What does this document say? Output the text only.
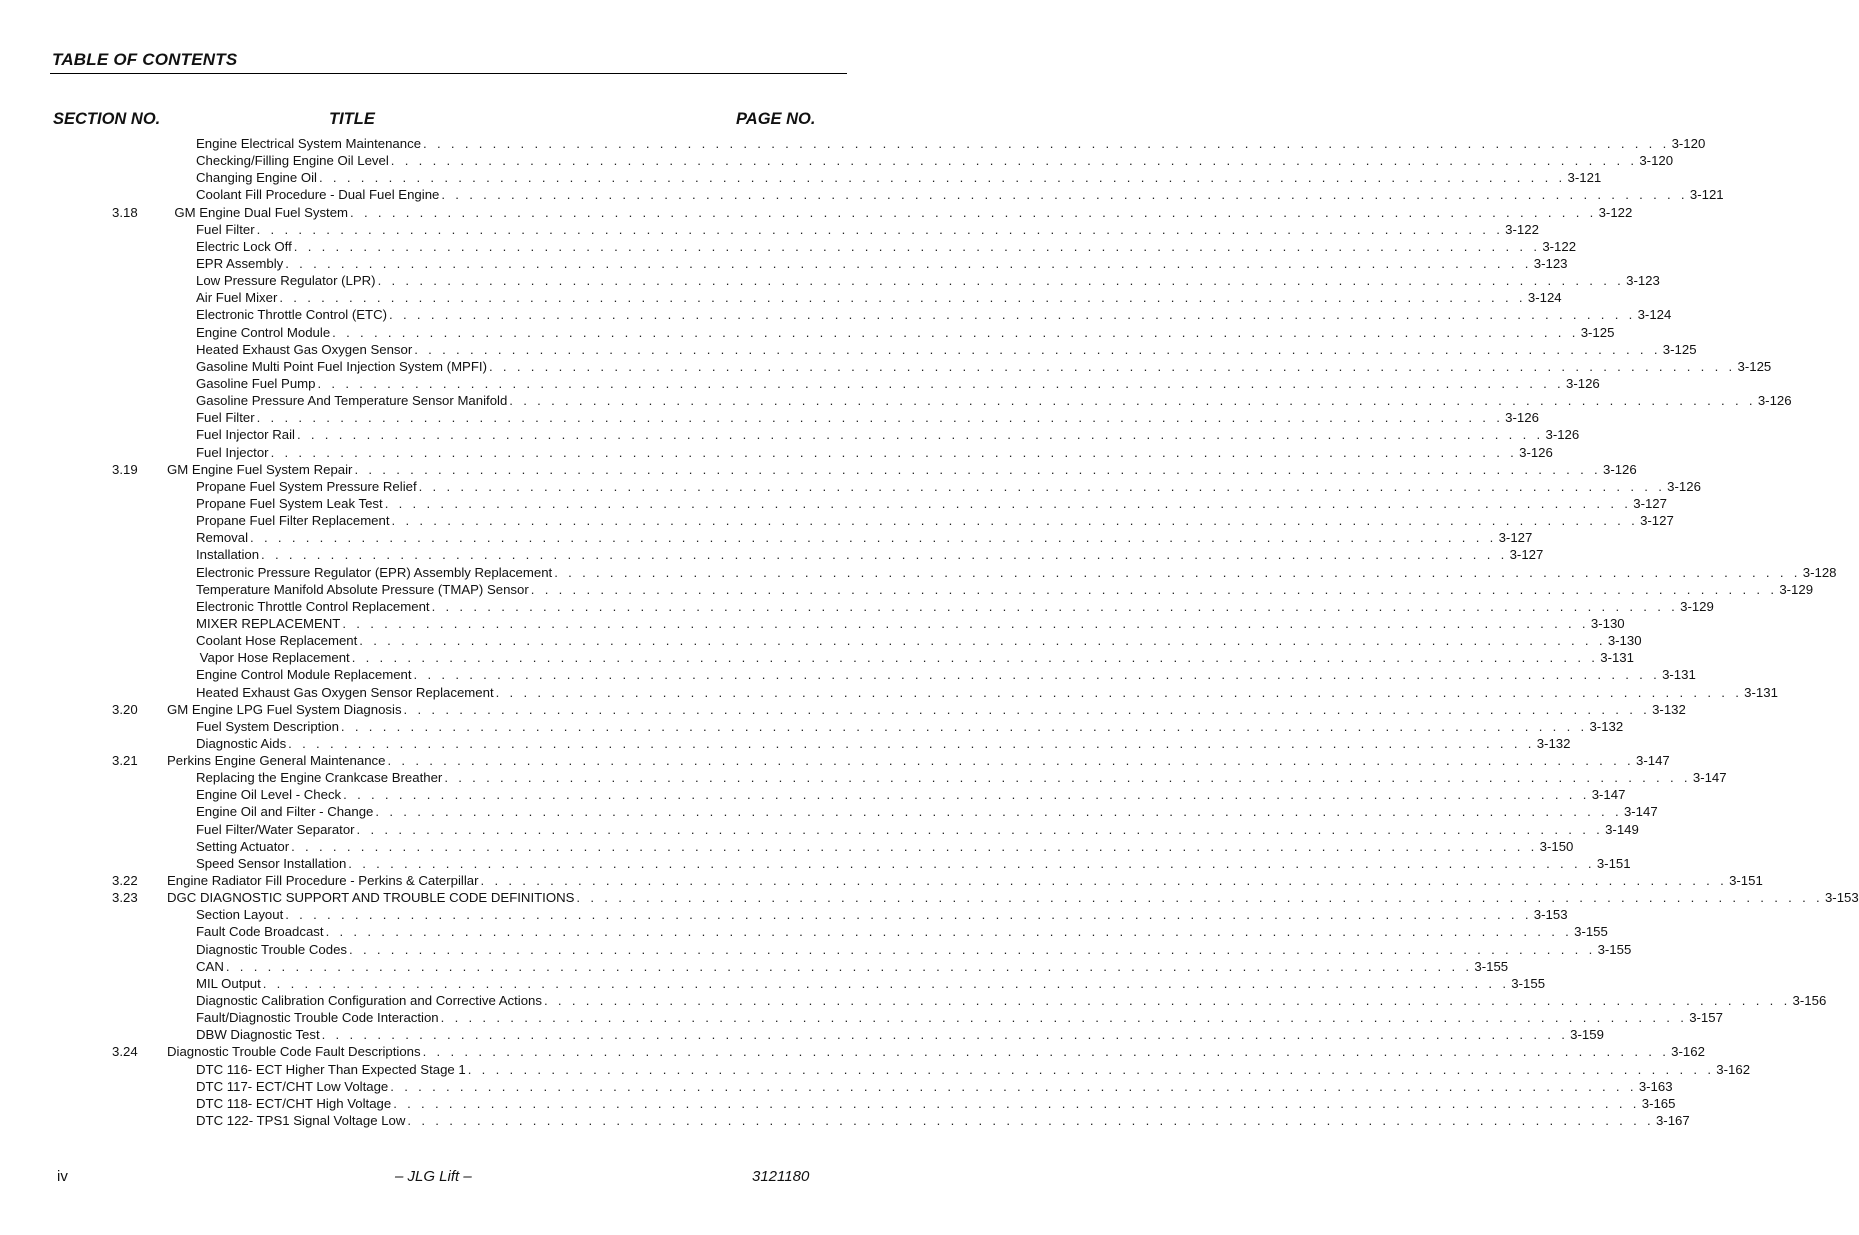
TABLE OF CONTENTS
SECTION NO.	TITLE	PAGE NO.
Engine Electrical System Maintenance . . . . . . . . . . . . . . . . . . . . . . . . . . . . . . . . . . . . . . . . . . . . . . . . . . . . . . . . . . . . . . . . . . . . . . . . . . . . . . . . . . . . . . . . . . 3-120
Checking/Filling Engine Oil Level . . . . . . . . . . . . . . . . . . . . . . . . . . . . . . . . . . . . . . . . . . . . . . . . . . . . . . . . . . . . . . . . . . . . . . . . . . . . . . . . . . . . . . . . . . 3-120
Changing Engine Oil . . . . . . . . . . . . . . . . . . . . . . . . . . . . . . . . . . . . . . . . . . . . . . . . . . . . . . . . . . . . . . . . . . . . . . . . . . . . . . . . . . . . . . . . . . 3-121
Coolant Fill Procedure - Dual Fuel Engine . . . . . . . . . . . . . . . . . . . . . . . . . . . . . . . . . . . . . . . . . . . . . . . . . . . . . . . . . . . . . . . . . . . . . . . . . . . . . . . . . . . . . . . . . . 3-121
3.18 GM Engine Dual Fuel System . . . . . . . . . . . . . . . . . . . . . . . . . . . . . . . . . . . . . . . . . . . . . . . . . . . . . . . . . . . . . . . . . . . . . . . . . . . . . . . . . . . . . . . . . . 3-122
Fuel Filter . . . . . . . . . . . . . . . . . . . . . . . . . . . . . . . . . . . . . . . . . . . . . . . . . . . . . . . . . . . . . . . . . . . . . . . . . . . . . . . . . . . . . . . . . . 3-122
Electric Lock Off . . . . . . . . . . . . . . . . . . . . . . . . . . . . . . . . . . . . . . . . . . . . . . . . . . . . . . . . . . . . . . . . . . . . . . . . . . . . . . . . . . . . . . . . . . 3-122
EPR Assembly . . . . . . . . . . . . . . . . . . . . . . . . . . . . . . . . . . . . . . . . . . . . . . . . . . . . . . . . . . . . . . . . . . . . . . . . . . . . . . . . . . . . . . . . . . 3-123
Low Pressure Regulator (LPR) . . . . . . . . . . . . . . . . . . . . . . . . . . . . . . . . . . . . . . . . . . . . . . . . . . . . . . . . . . . . . . . . . . . . . . . . . . . . . . . . . . . . . . . . . . 3-123
Air Fuel Mixer . . . . . . . . . . . . . . . . . . . . . . . . . . . . . . . . . . . . . . . . . . . . . . . . . . . . . . . . . . . . . . . . . . . . . . . . . . . . . . . . . . . . . . . . . . 3-124
Electronic Throttle Control (ETC) . . . . . . . . . . . . . . . . . . . . . . . . . . . . . . . . . . . . . . . . . . . . . . . . . . . . . . . . . . . . . . . . . . . . . . . . . . . . . . . . . . . . . . . . . . 3-124
Engine Control Module . . . . . . . . . . . . . . . . . . . . . . . . . . . . . . . . . . . . . . . . . . . . . . . . . . . . . . . . . . . . . . . . . . . . . . . . . . . . . . . . . . . . . . . . . . 3-125
Heated Exhaust Gas Oxygen Sensor . . . . . . . . . . . . . . . . . . . . . . . . . . . . . . . . . . . . . . . . . . . . . . . . . . . . . . . . . . . . . . . . . . . . . . . . . . . . . . . . . . . . . . . . . . 3-125
Gasoline Multi Point Fuel Injection System (MPFI) . . . . . . . . . . . . . . . . . . . . . . . . . . . . . . . . . . . . . . . . . . . . . . . . . . . . . . . . . . . . . . . . . . . . . . . . . . . . . . . . . . . . . . . . . . 3-125
Gasoline Fuel Pump . . . . . . . . . . . . . . . . . . . . . . . . . . . . . . . . . . . . . . . . . . . . . . . . . . . . . . . . . . . . . . . . . . . . . . . . . . . . . . . . . . . . . . . . . . 3-126
Gasoline Pressure And Temperature Sensor Manifold . . . . . . . . . . . . . . . . . . . . . . . . . . . . . . . . . . . . . . . . . . . . . . . . . . . . . . . . . . . . . . . . . . . . . . . . . . . . . . . . . . . . . . . . . . 3-126
Fuel Filter . . . . . . . . . . . . . . . . . . . . . . . . . . . . . . . . . . . . . . . . . . . . . . . . . . . . . . . . . . . . . . . . . . . . . . . . . . . . . . . . . . . . . . . . . . 3-126
Fuel Injector Rail . . . . . . . . . . . . . . . . . . . . . . . . . . . . . . . . . . . . . . . . . . . . . . . . . . . . . . . . . . . . . . . . . . . . . . . . . . . . . . . . . . . . . . . . . . 3-126
Fuel Injector . . . . . . . . . . . . . . . . . . . . . . . . . . . . . . . . . . . . . . . . . . . . . . . . . . . . . . . . . . . . . . . . . . . . . . . . . . . . . . . . . . . . . . . . . . 3-126
3.19 GM Engine Fuel System Repair . . . . . . . . . . . . . . . . . . . . . . . . . . . . . . . . . . . . . . . . . . . . . . . . . . . . . . . . . . . . . . . . . . . . . . . . . . . . . . . . . . . . . . . . . . 3-126
Propane Fuel System Pressure Relief . . . . . . . . . . . . . . . . . . . . . . . . . . . . . . . . . . . . . . . . . . . . . . . . . . . . . . . . . . . . . . . . . . . . . . . . . . . . . . . . . . . . . . . . . . 3-126
Propane Fuel System Leak Test . . . . . . . . . . . . . . . . . . . . . . . . . . . . . . . . . . . . . . . . . . . . . . . . . . . . . . . . . . . . . . . . . . . . . . . . . . . . . . . . . . . . . . . . . . 3-127
Propane Fuel Filter Replacement . . . . . . . . . . . . . . . . . . . . . . . . . . . . . . . . . . . . . . . . . . . . . . . . . . . . . . . . . . . . . . . . . . . . . . . . . . . . . . . . . . . . . . . . . . 3-127
Removal . . . . . . . . . . . . . . . . . . . . . . . . . . . . . . . . . . . . . . . . . . . . . . . . . . . . . . . . . . . . . . . . . . . . . . . . . . . . . . . . . . . . . . . . . . 3-127
Installation . . . . . . . . . . . . . . . . . . . . . . . . . . . . . . . . . . . . . . . . . . . . . . . . . . . . . . . . . . . . . . . . . . . . . . . . . . . . . . . . . . . . . . . . . . 3-127
Electronic Pressure Regulator (EPR) Assembly Replacement . . . . . . . . . . . . . . . . . . . . . . . . . . . . . . . . . . . . . . . . . . . . . . . . . . . . . . . . . . . . . . . . . . . . . . . . . . . . . . . . . . . . . . . . . . 3-128
Temperature Manifold Absolute Pressure (TMAP) Sensor . . . . . . . . . . . . . . . . . . . . . . . . . . . . . . . . . . . . . . . . . . . . . . . . . . . . . . . . . . . . . . . . . . . . . . . . . . . . . . . . . . . . . . . . . . 3-129
Electronic Throttle Control Replacement . . . . . . . . . . . . . . . . . . . . . . . . . . . . . . . . . . . . . . . . . . . . . . . . . . . . . . . . . . . . . . . . . . . . . . . . . . . . . . . . . . . . . . . . . . 3-129
MIXER REPLACEMENT . . . . . . . . . . . . . . . . . . . . . . . . . . . . . . . . . . . . . . . . . . . . . . . . . . . . . . . . . . . . . . . . . . . . . . . . . . . . . . . . . . . . . . . . . . 3-130
Coolant Hose Replacement . . . . . . . . . . . . . . . . . . . . . . . . . . . . . . . . . . . . . . . . . . . . . . . . . . . . . . . . . . . . . . . . . . . . . . . . . . . . . . . . . . . . . . . . . . 3-130
Vapor Hose Replacement . . . . . . . . . . . . . . . . . . . . . . . . . . . . . . . . . . . . . . . . . . . . . . . . . . . . . . . . . . . . . . . . . . . . . . . . . . . . . . . . . . . . . . . . . . 3-131
Engine Control Module Replacement . . . . . . . . . . . . . . . . . . . . . . . . . . . . . . . . . . . . . . . . . . . . . . . . . . . . . . . . . . . . . . . . . . . . . . . . . . . . . . . . . . . . . . . . . . 3-131
Heated Exhaust Gas Oxygen Sensor Replacement . . . . . . . . . . . . . . . . . . . . . . . . . . . . . . . . . . . . . . . . . . . . . . . . . . . . . . . . . . . . . . . . . . . . . . . . . . . . . . . . . . . . . . . . . . 3-131
3.20 GM Engine LPG Fuel System Diagnosis . . . . . . . . . . . . . . . . . . . . . . . . . . . . . . . . . . . . . . . . . . . . . . . . . . . . . . . . . . . . . . . . . . . . . . . . . . . . . . . . . . . . . . . . . . 3-132
Fuel System Description . . . . . . . . . . . . . . . . . . . . . . . . . . . . . . . . . . . . . . . . . . . . . . . . . . . . . . . . . . . . . . . . . . . . . . . . . . . . . . . . . . . . . . . . . . 3-132
Diagnostic Aids . . . . . . . . . . . . . . . . . . . . . . . . . . . . . . . . . . . . . . . . . . . . . . . . . . . . . . . . . . . . . . . . . . . . . . . . . . . . . . . . . . . . . . . . . . 3-132
3.21 Perkins Engine General Maintenance . . . . . . . . . . . . . . . . . . . . . . . . . . . . . . . . . . . . . . . . . . . . . . . . . . . . . . . . . . . . . . . . . . . . . . . . . . . . . . . . . . . . . . . . . . 3-147
Replacing the Engine Crankcase Breather . . . . . . . . . . . . . . . . . . . . . . . . . . . . . . . . . . . . . . . . . . . . . . . . . . . . . . . . . . . . . . . . . . . . . . . . . . . . . . . . . . . . . . . . . . 3-147
Engine Oil Level - Check . . . . . . . . . . . . . . . . . . . . . . . . . . . . . . . . . . . . . . . . . . . . . . . . . . . . . . . . . . . . . . . . . . . . . . . . . . . . . . . . . . . . . . . . . . 3-147
Engine Oil and Filter - Change . . . . . . . . . . . . . . . . . . . . . . . . . . . . . . . . . . . . . . . . . . . . . . . . . . . . . . . . . . . . . . . . . . . . . . . . . . . . . . . . . . . . . . . . . . 3-147
Fuel Filter/Water Separator . . . . . . . . . . . . . . . . . . . . . . . . . . . . . . . . . . . . . . . . . . . . . . . . . . . . . . . . . . . . . . . . . . . . . . . . . . . . . . . . . . . . . . . . . . 3-149
Setting Actuator . . . . . . . . . . . . . . . . . . . . . . . . . . . . . . . . . . . . . . . . . . . . . . . . . . . . . . . . . . . . . . . . . . . . . . . . . . . . . . . . . . . . . . . . . . 3-150
Speed Sensor Installation . . . . . . . . . . . . . . . . . . . . . . . . . . . . . . . . . . . . . . . . . . . . . . . . . . . . . . . . . . . . . . . . . . . . . . . . . . . . . . . . . . . . . . . . . . 3-151
3.22 Engine Radiator Fill Procedure - Perkins & Caterpillar . . . . . . . . . . . . . . . . . . . . . . . . . . . . . . . . . . . . . . . . . . . . . . . . . . . . . . . . . . . . . . . . . . . . . . . . . . . . . . . . . . . . . . . . . . 3-151
3.23 DGC DIAGNOSTIC SUPPORT AND TROUBLE CODE DEFINITIONS . . . . . . . . . . . . . . . . . . . . . . . . . . . . . . . . . . . . . . . . . . . . . . . . . . . . . . . . . . . . . . . . . . . . . . . . . . . . . . . . . . . . . . . . . . 3-153
Section Layout . . . . . . . . . . . . . . . . . . . . . . . . . . . . . . . . . . . . . . . . . . . . . . . . . . . . . . . . . . . . . . . . . . . . . . . . . . . . . . . . . . . . . . . . . . 3-153
Fault Code Broadcast . . . . . . . . . . . . . . . . . . . . . . . . . . . . . . . . . . . . . . . . . . . . . . . . . . . . . . . . . . . . . . . . . . . . . . . . . . . . . . . . . . . . . . . . . . 3-155
Diagnostic Trouble Codes . . . . . . . . . . . . . . . . . . . . . . . . . . . . . . . . . . . . . . . . . . . . . . . . . . . . . . . . . . . . . . . . . . . . . . . . . . . . . . . . . . . . . . . . . . 3-155
CAN . . . . . . . . . . . . . . . . . . . . . . . . . . . . . . . . . . . . . . . . . . . . . . . . . . . . . . . . . . . . . . . . . . . . . . . . . . . . . . . . . . . . . . . . . . 3-155
MIL Output . . . . . . . . . . . . . . . . . . . . . . . . . . . . . . . . . . . . . . . . . . . . . . . . . . . . . . . . . . . . . . . . . . . . . . . . . . . . . . . . . . . . . . . . . . 3-155
Diagnostic Calibration Configuration and Corrective Actions . . . . . . . . . . . . . . . . . . . . . . . . . . . . . . . . . . . . . . . . . . . . . . . . . . . . . . . . . . . . . . . . . . . . . . . . . . . . . . . . . . . . . . . . . . 3-156
Fault/Diagnostic Trouble Code Interaction . . . . . . . . . . . . . . . . . . . . . . . . . . . . . . . . . . . . . . . . . . . . . . . . . . . . . . . . . . . . . . . . . . . . . . . . . . . . . . . . . . . . . . . . . . 3-157
DBW Diagnostic Test . . . . . . . . . . . . . . . . . . . . . . . . . . . . . . . . . . . . . . . . . . . . . . . . . . . . . . . . . . . . . . . . . . . . . . . . . . . . . . . . . . . . . . . . . . 3-159
3.24 Diagnostic Trouble Code Fault Descriptions . . . . . . . . . . . . . . . . . . . . . . . . . . . . . . . . . . . . . . . . . . . . . . . . . . . . . . . . . . . . . . . . . . . . . . . . . . . . . . . . . . . . . . . . . . 3-162
DTC 116- ECT Higher Than Expected Stage 1 . . . . . . . . . . . . . . . . . . . . . . . . . . . . . . . . . . . . . . . . . . . . . . . . . . . . . . . . . . . . . . . . . . . . . . . . . . . . . . . . . . . . . . . . . . 3-162
DTC 117- ECT/CHT Low Voltage . . . . . . . . . . . . . . . . . . . . . . . . . . . . . . . . . . . . . . . . . . . . . . . . . . . . . . . . . . . . . . . . . . . . . . . . . . . . . . . . . . . . . . . . . . 3-163
DTC 118- ECT/CHT High Voltage . . . . . . . . . . . . . . . . . . . . . . . . . . . . . . . . . . . . . . . . . . . . . . . . . . . . . . . . . . . . . . . . . . . . . . . . . . . . . . . . . . . . . . . . . . 3-165
DTC 122- TPS1 Signal Voltage Low . . . . . . . . . . . . . . . . . . . . . . . . . . . . . . . . . . . . . . . . . . . . . . . . . . . . . . . . . . . . . . . . . . . . . . . . . . . . . . . . . . . . . . . . . . 3-167
iv	– JLG Lift –	3121180
